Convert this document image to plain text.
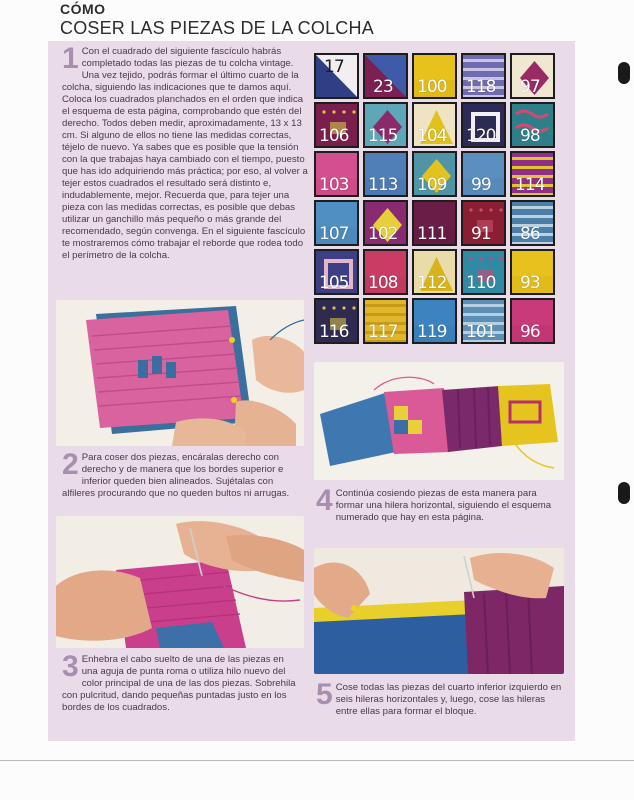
CÓMO
COSER LAS PIEZAS DE LA COLCHA
1 Con el cuadrado del siguiente fascículo habrás completado todas las piezas de tu colcha vintage. Una vez tejido, podrás formar el último cuarto de la colcha, siguiendo las indicaciones que te damos aquí. Coloca los cuadrados planchados en el orden que indica el esquema de esta página, comprobando que estén del derecho. Todos deben medir, aproximadamente, 13 x 13 cm. Si alguno de ellos no tiene las medidas correctas, téjelo de nuevo. Ya sabes que es posible que la tensión con la que trabajas haya cambiado con el tiempo, puesto que has ido adquiriendo más práctica; por eso, al volver a tejer estos cuadrados el resultado será distinto e, indudablemente, mejor. Recuerda que, para tejer una pieza con las medidas correctas, es posible que debas utilizar un ganchillo más pequeño o más grande del recomendado, según convenga. En el siguiente fascículo te mostraremos cómo trabajar el reborde que rodea todo el perímetro de la colcha.

2 Para coser dos piezas, encáralas derecho con derecho y de manera que los bordes superior e inferior queden bien alineados. Sujétalas con alfileres procurando que no queden bultos ni arrugas.

3 Enhebra el cabo suelto de una de las piezas en una aguja de punta roma o utiliza hilo nuevo del color principal de una de las dos piezas. Sobrehila con pulcritud, dando pequeñas puntadas justo en los bordes de los cuadrados.

17
23 100 118 97
106 115 104 120 98
103 113 109 99 114
107 102 111 91 86
105 108 112 110 93
116 117 119 101 96
4 Continúa cosiendo piezas de esta manera para formar una hilera horizontal, siguiendo el esquema numerado que hay en esta página.

5 Cose todas las piezas del cuarto inferior izquierdo en seis hileras horizontales y, luego, cose las hileras entre ellas para formar el bloque.
